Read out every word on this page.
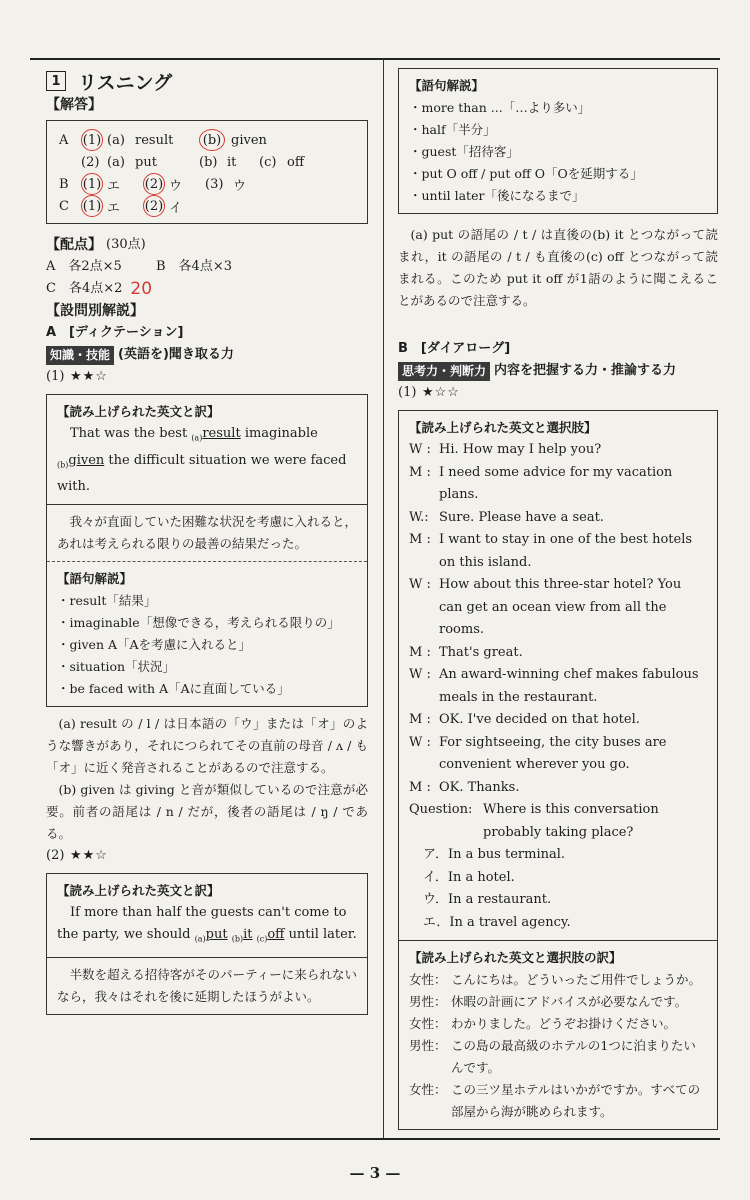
1 リスニング
【解答】
A	(1) (a) result	(b) given
(2) (a) put	(b) it	(c) off
B	(1) エ	(2) ウ	(3) ウ
C	(1) エ	(2) イ
【配点】 (30点)
A　各2点×5	B　各4点×3
C　各4点×2 20
【設問別解説】
A　[ディクテーション]
知識・技能 (英語を)聞き取る力
(1) ★★☆
【読み上げられた英文と訳】
That was the best $_{(a)}$result imaginable $_{(b)}$given the difficult situation we were faced with.
我々が直面していた困難な状況を考慮に入れると，あれは考えられる限りの最善の結果だった。
【語句解説】
・result「結果」
・imaginable「想像できる，考えられる限りの」
・given A「Aを考慮に入れると」
・situation「状況」
・be faced with A「Aに直面している」
(a) result の / l / は日本語の「ウ」または「オ」のような響きがあり，それにつられてその直前の母音 / ʌ / も「オ」に近く発音されることがあるので注意する。
(b) given は giving と音が類似しているので注意が必要。前者の語尾は / n / だが，後者の語尾は / ŋ / である。
(2) ★★☆
【読み上げられた英文と訳】
If more than half the guests can't come to the party, we should $_{(a)}$put $_{(b)}$it $_{(c)}$off until later.
半数を超える招待客がそのパーティーに来られないなら，我々はそれを後に延期したほうがよい。
【語句解説】
・more than ...「…より多い」
・half「半分」
・guest「招待客」
・put O off / put off O「Oを延期する」
・until later「後になるまで」
(a) put の語尾の / t / は直後の(b) it とつながって読まれ，it の語尾の / t / も直後の(c) off とつながって読まれる。このため put it off が1語のように聞こえることがあるので注意する。
B　[ダイアローグ]
思考力・判断力 内容を把握する力・推論する力
(1) ★☆☆
【読み上げられた英文と選択肢】
W : Hi. How may I help you?
M : I need some advice for my vacation plans.
W.: Sure. Please have a seat.
M : I want to stay in one of the best hotels on this island.
W : How about this three-star hotel? You can get an ocean view from all the rooms.
M : That's great.
W : An award-winning chef makes fabulous meals in the restaurant.
M : OK. I've decided on that hotel.
W : For sightseeing, the city buses are convenient wherever you go.
M : OK. Thanks.
Question: Where is this conversation probably taking place?
ア．In a bus terminal.
イ．In a hotel.
ウ．In a restaurant.
エ．In a travel agency.
【読み上げられた英文と選択肢の訳】
女性： こんにちは。どういったご用件でしょうか。
男性： 休暇の計画にアドバイスが必要なんです。
女性： わかりました。どうぞお掛けください。
男性： この島の最高級のホテルの1つに泊まりたいんです。
女性： この三ツ星ホテルはいかがですか。すべての部屋から海が眺められます。
— 3 —
